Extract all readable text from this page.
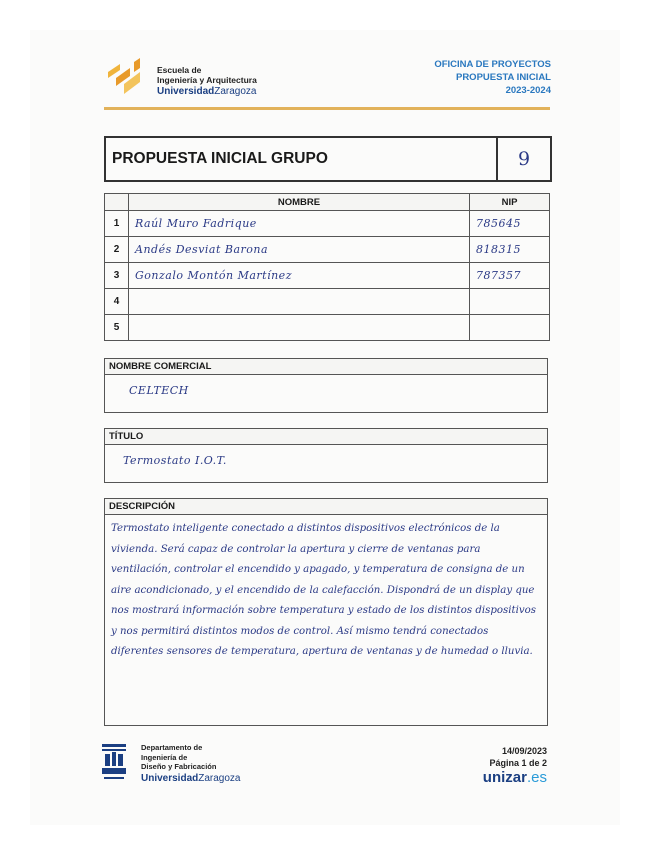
Escuela de
Ingeniería y Arquitectura
UniversidadZaragoza
OFICINA DE PROYECTOS
PROPUESTA INICIAL
2023-2024
PROPUESTA INICIAL GRUPO	9
	NOMBRE	NIP
1	Raúl Muro Fadrique	785645
2	Andés Desviat Barona	818315
3	Gonzalo Montón Martínez	787357
4		
5		
NOMBRE COMERCIAL
CELTECH
TÍTULO
Termostato I.O.T.
DESCRIPCIÓN
Termostato inteligente conectado a distintos dispositivos electrónicos de la vivienda. Será capaz de controlar la apertura y cierre de ventanas para ventilación, controlar el encendido y apagado, y temperatura de consigna de un aire acondicionado, y el encendido de la calefacción. Dispondrá de un display que nos mostrará información sobre temperatura y estado de los distintos dispositivos y nos permitirá distintos modos de control. Así mismo tendrá conectados diferentes sensores de temperatura, apertura de ventanas y de humedad o lluvia.
Departamento de
Ingeniería de
Diseño y Fabricación
UniversidadZaragoza
14/09/2023
Página 1 de 2
unizar.es
